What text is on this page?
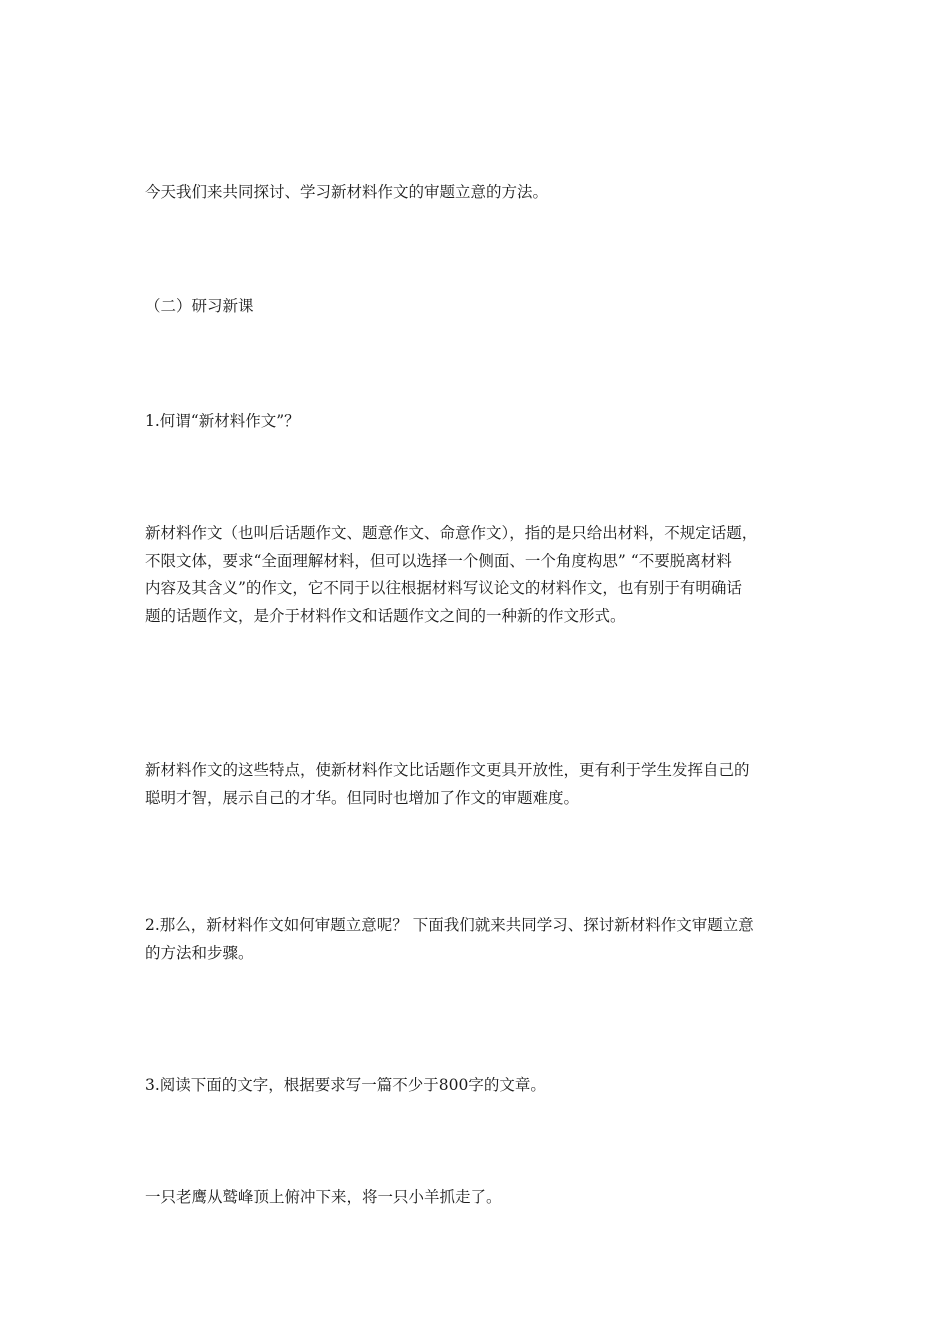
今天我们来共同探讨、学习新材料作文的审题立意的方法。

（二）研习新课

1.何谓“新材料作文”？

新材料作文（也叫后话题作文、题意作文、命意作文），指的是只给出材料，不规定话题，
不限文体，要求“全面理解材料，但可以选择一个侧面、一个角度构思” “不要脱离材料
内容及其含义”的作文，它不同于以往根据材料写议论文的材料作文，也有别于有明确话
题的话题作文，是介于材料作文和话题作文之间的一种新的作文形式。

新材料作文的这些特点，使新材料作文比话题作文更具开放性，更有利于学生发挥自己的
聪明才智，展示自己的才华。但同时也增加了作文的审题难度。

2.那么，新材料作文如何审题立意呢？ 下面我们就来共同学习、探讨新材料作文审题立意
的方法和步骤。

3.阅读下面的文字，根据要求写一篇不少于800字的文章。

一只老鹰从鹫峰顶上俯冲下来，将一只小羊抓走了。
